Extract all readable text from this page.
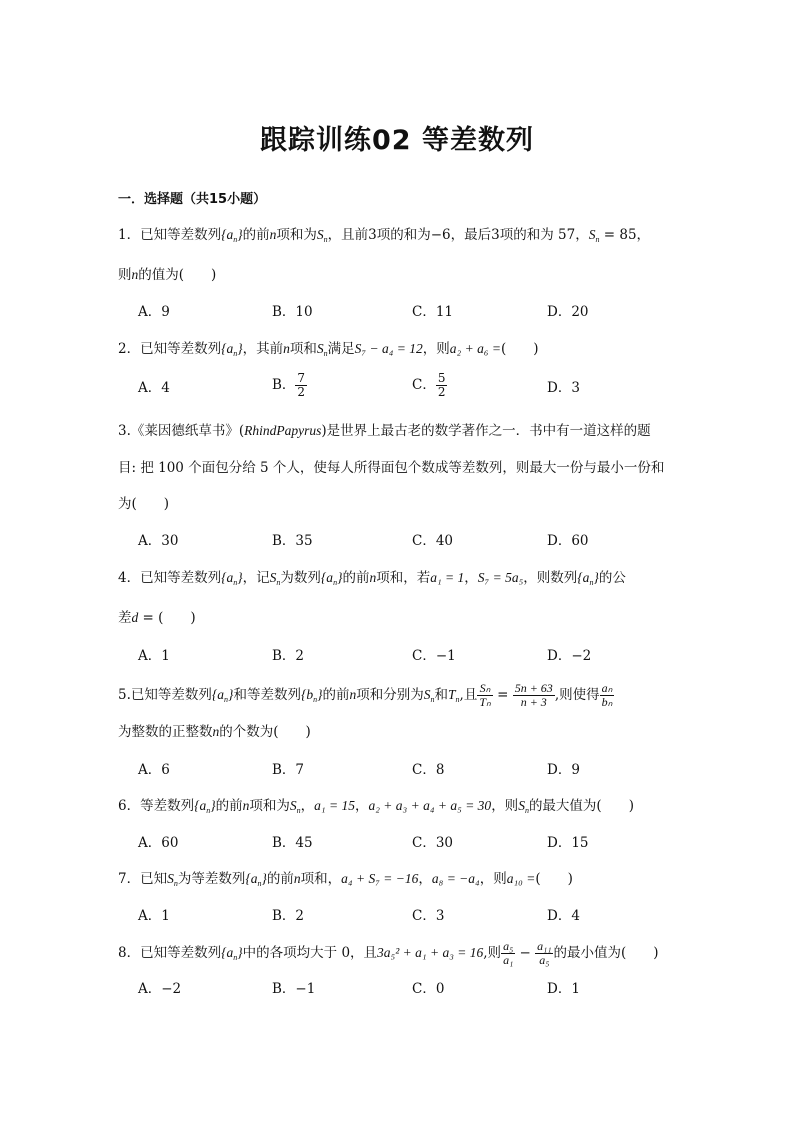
跟踪训练02 等差数列
一．选择题（共15小题）
1．已知等差数列$\{a_n\}$的前n项和为$S_n$，且前3项的和为−6，最后3项的和为 57，$S_n = 85$，
则n的值为(　　)
A．9	B．10	C．11	D．20
2．已知等差数列$\{a_n\}$，其前n项和$S_n$满足S₇ − a₄ = 12，则a₂ + a₆ =(　　)
A．4	B． $\frac{7}{2}$	C． $\frac{5}{2}$	D．3
3.《莱因德纸草书》(RhindPapyrus)是世界上最古老的数学著作之一．书中有一道这样的题
目: 把 100 个面包分给 5 个人，使每人所得面包个数成等差数列，则最大一份与最小一份和
为(　　)
A．30	B．35	C．40	D．60
4．已知等差数列$\{a_n\}$，记$S_n$为数列$\{a_n\}$的前n项和，若a₁ = 1，S₇ = 5a₅，则数列$\{a_n\}$的公
差d = (　　)
A．1	B．2	C．−1	D．−2
5.已知等差数列$\{a_n\}$和等差数列$\{b_n\}$的前n项和分别为$S_n$和$T_n$,且 $\frac{\text{Sₙ}}{\text{Tₙ}} = \frac{5n + 63}{n + 3}$ ,则使得 $\frac{\text{aₙ}}{\text{bₙ}}$
为整数的正整数n的个数为(　　)
A．6	B．7	C．8	D．9
6．等差数列$\{a_n\}$的前n项和为$S_n$，a₁ = 15，a₂ + a₃ + a₄ + a₅ = 30，则$S_n$的最大值为(　　)
A．60	B．45	C．30	D．15
7．已知$S_n$为等差数列$\{a_n\}$的前n项和，a₄ + S₇ = −16，a₈ = −a₄，则a₁₀ =(　　)
A．1	B．2	C．3	D．4
8．已知等差数列$\{a_n\}$中的各项均大于 0，且3a₅² + a₁ + a₃ = 16,则 $\frac{\text{a₅}}{\text{a₁}} - \frac{\text{a₁₁}}{\text{a₅}}$ 的最小值为(　　)
A．−2	B．−1	C．0	D．1
